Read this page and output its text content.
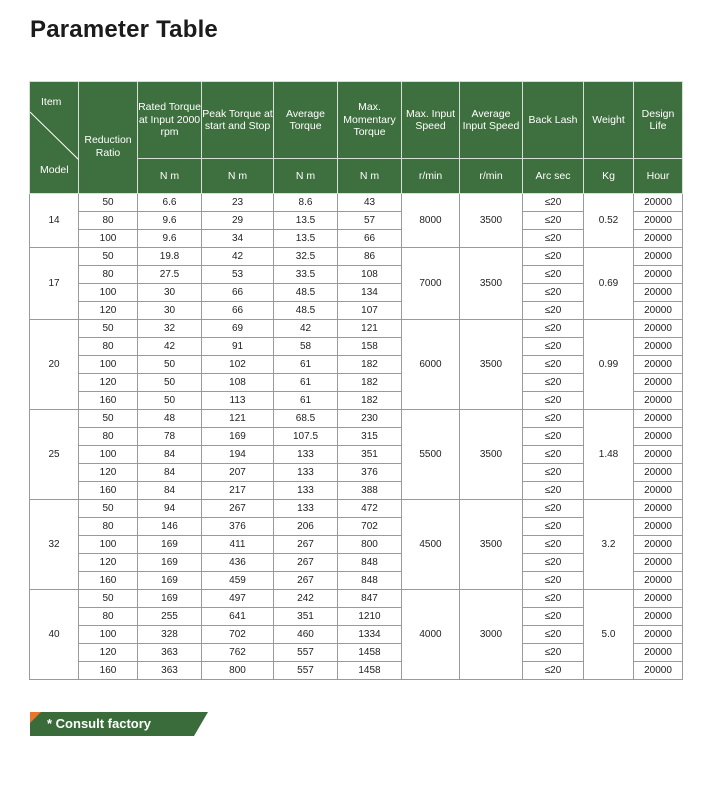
Parameter Table
Item
Model	Reduction Ratio	Rated Torque at Input 2000 rpm	Peak Torque at start and Stop	Average Torque	Max. Momentary Torque	Max. Input Speed	Average Input Speed	Back Lash	Weight	Design Life
		N m	N m	N m	N m	r/min	r/min	Arc sec	Kg	Hour
14	50	6.6	23	8.6	43	8000	3500	≤20	0.52	20000
	80	9.6	29	13.5	57			≤20		20000
	100	9.6	34	13.5	66			≤20		20000
17	50	19.8	42	32.5	86	7000	3500	≤20	0.69	20000
	80	27.5	53	33.5	108			≤20		20000
	100	30	66	48.5	134			≤20		20000
	120	30	66	48.5	107			≤20		20000
20	50	32	69	42	121	6000	3500	≤20	0.99	20000
	80	42	91	58	158			≤20		20000
	100	50	102	61	182			≤20		20000
	120	50	108	61	182			≤20		20000
	160	50	113	61	182			≤20		20000
25	50	48	121	68.5	230	5500	3500	≤20	1.48	20000
	80	78	169	107.5	315			≤20		20000
	100	84	194	133	351			≤20		20000
	120	84	207	133	376			≤20		20000
	160	84	217	133	388			≤20		20000
32	50	94	267	133	472	4500	3500	≤20	3.2	20000
	80	146	376	206	702			≤20		20000
	100	169	411	267	800			≤20		20000
	120	169	436	267	848			≤20		20000
	160	169	459	267	848			≤20		20000
40	50	169	497	242	847	4000	3000	≤20	5.0	20000
	80	255	641	351	1210			≤20		20000
	100	328	702	460	1334			≤20		20000
	120	363	762	557	1458			≤20		20000
	160	363	800	557	1458			≤20		20000
* Consult factory
